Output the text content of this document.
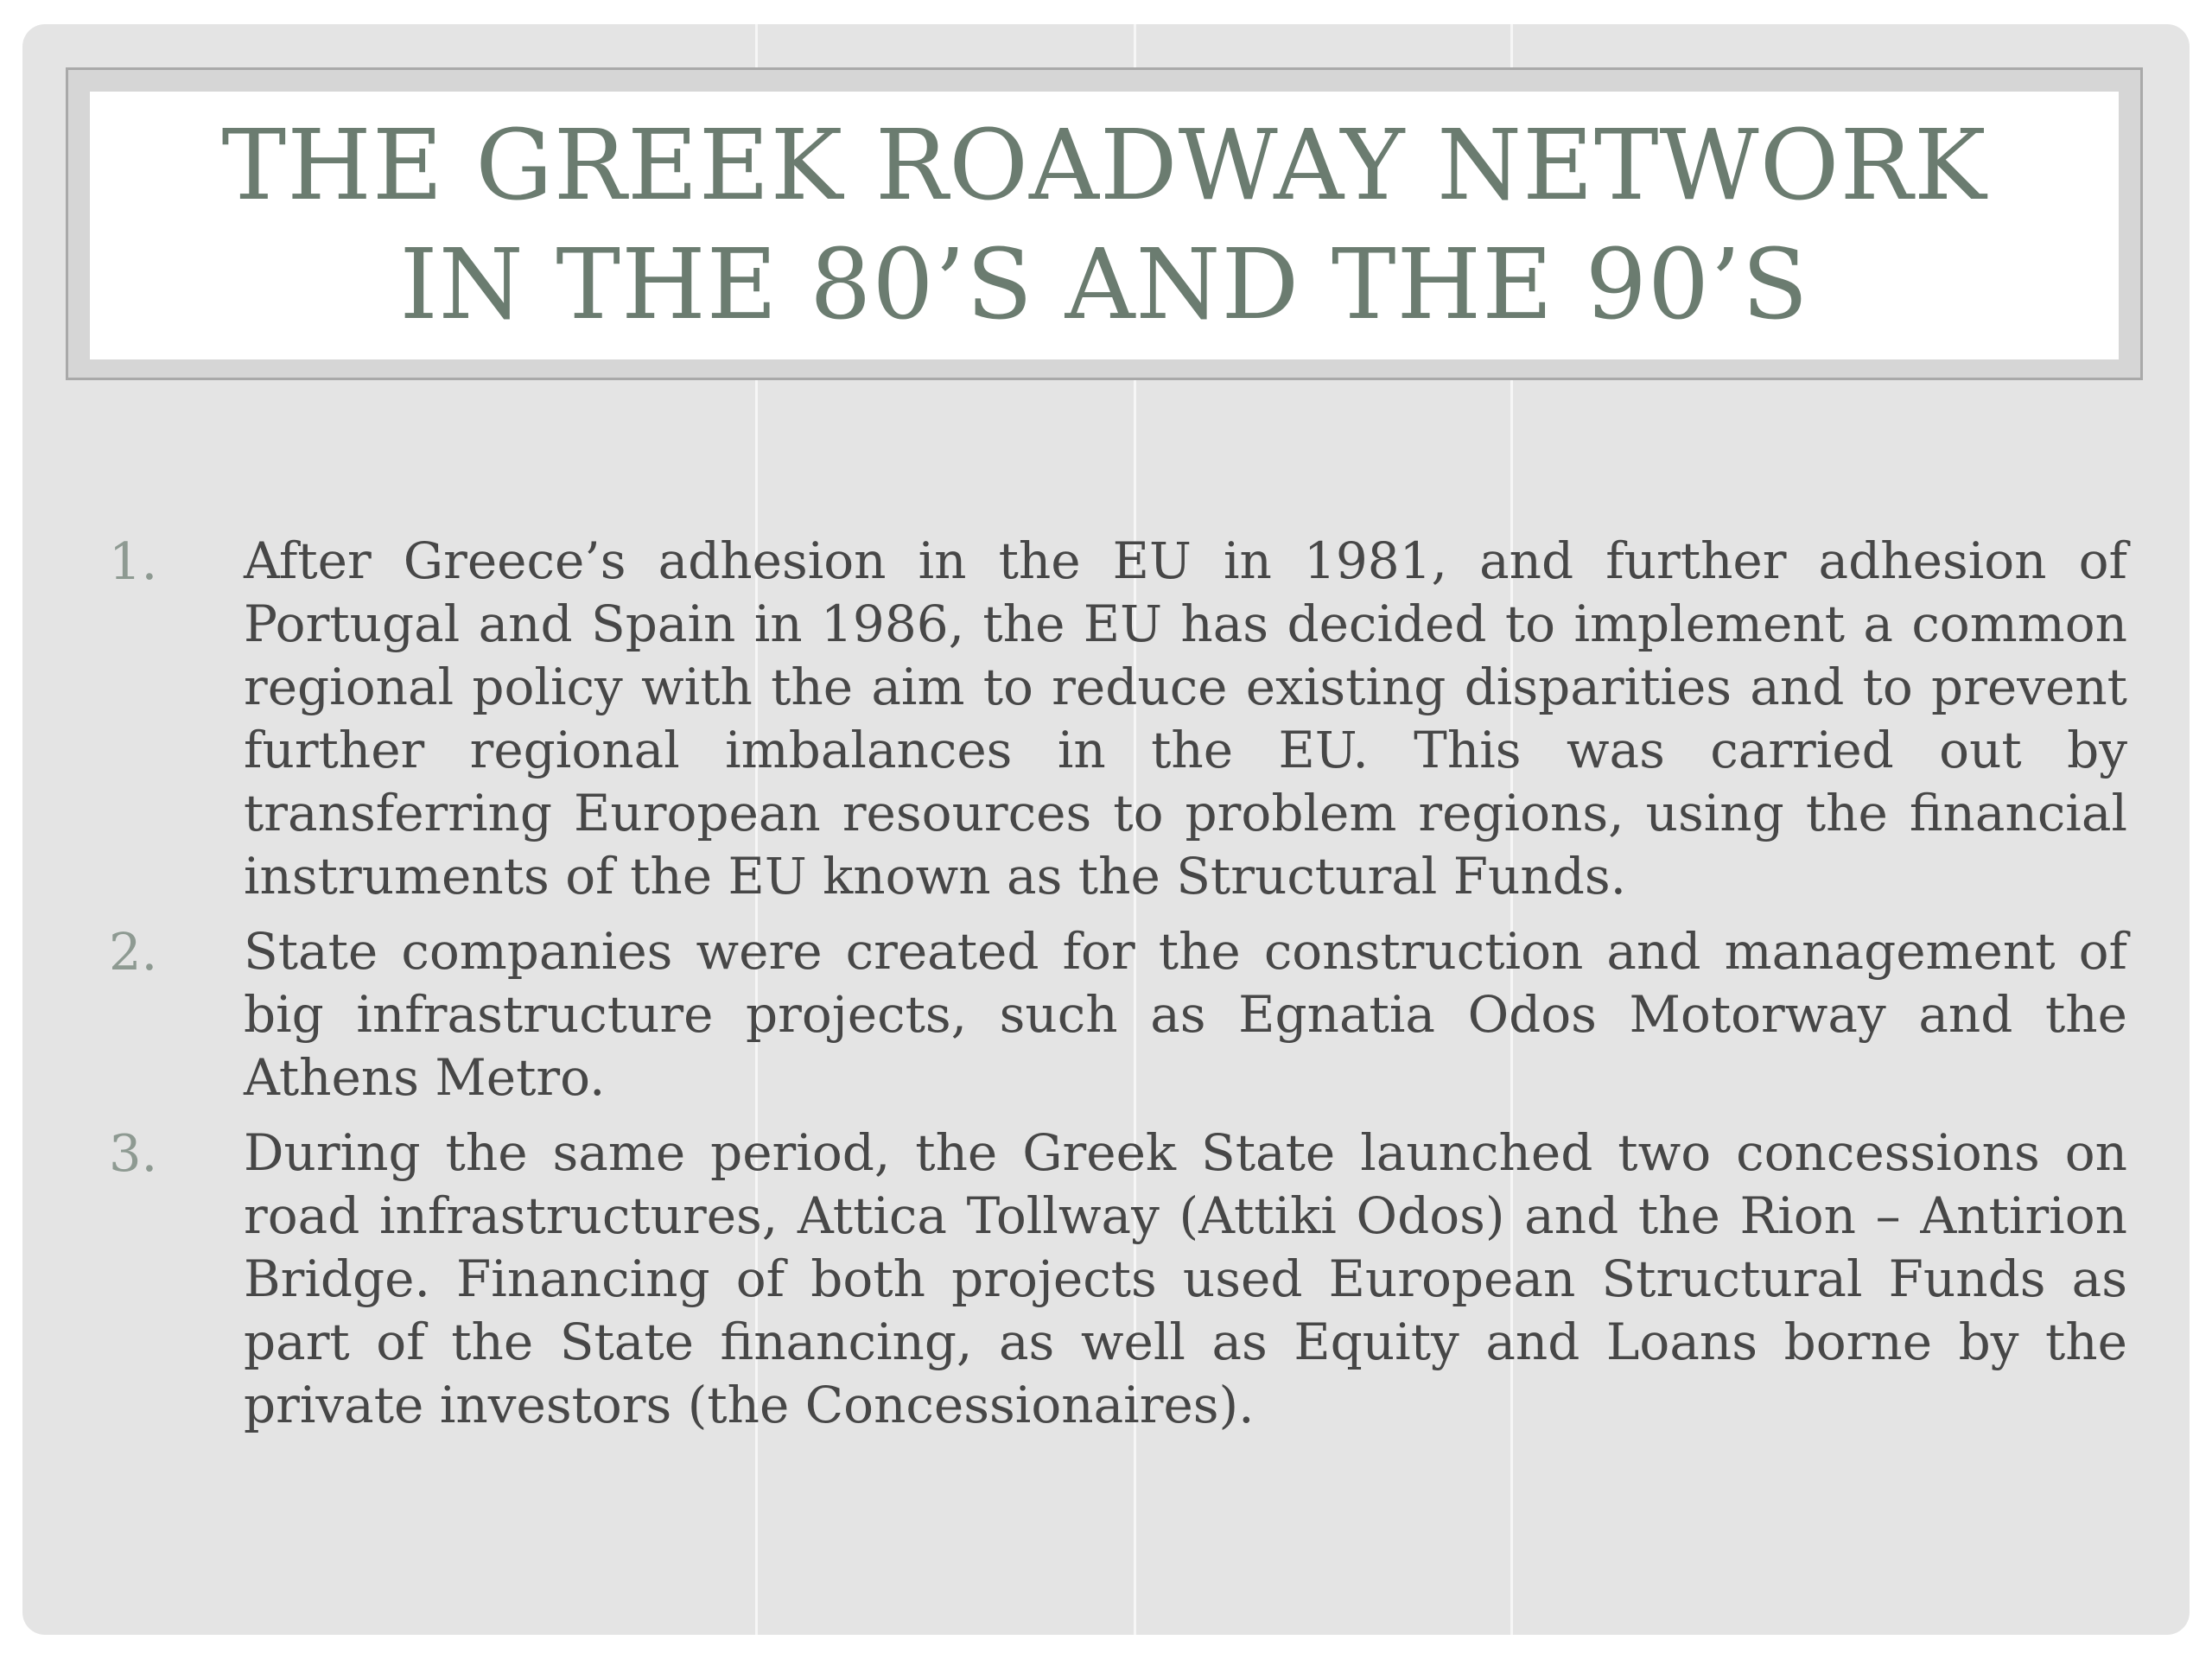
THE GREEK ROADWAY NETWORK
IN THE 80’S AND THE 90’S
1.	After Greece’s adhesion in the EU in 1981, and further adhesion of Portugal and Spain in 1986, the EU has decided to implement a common regional policy with the aim to reduce existing disparities and to prevent further regional imbalances in the EU. This was carried out by transferring European resources to problem regions, using the financial instruments of the EU known as the Structural Funds.
2.	State companies were created for the construction and management of big infrastructure projects, such as Egnatia Odos Motorway and the Athens Metro.
3.	During the same period, the Greek State launched two concessions on road infrastructures, Attica Tollway (Attiki Odos) and the Rion – Antirion Bridge. Financing of both projects used European Structural Funds as part of the State financing, as well as Equity and Loans borne by the private investors (the Concessionaires).
